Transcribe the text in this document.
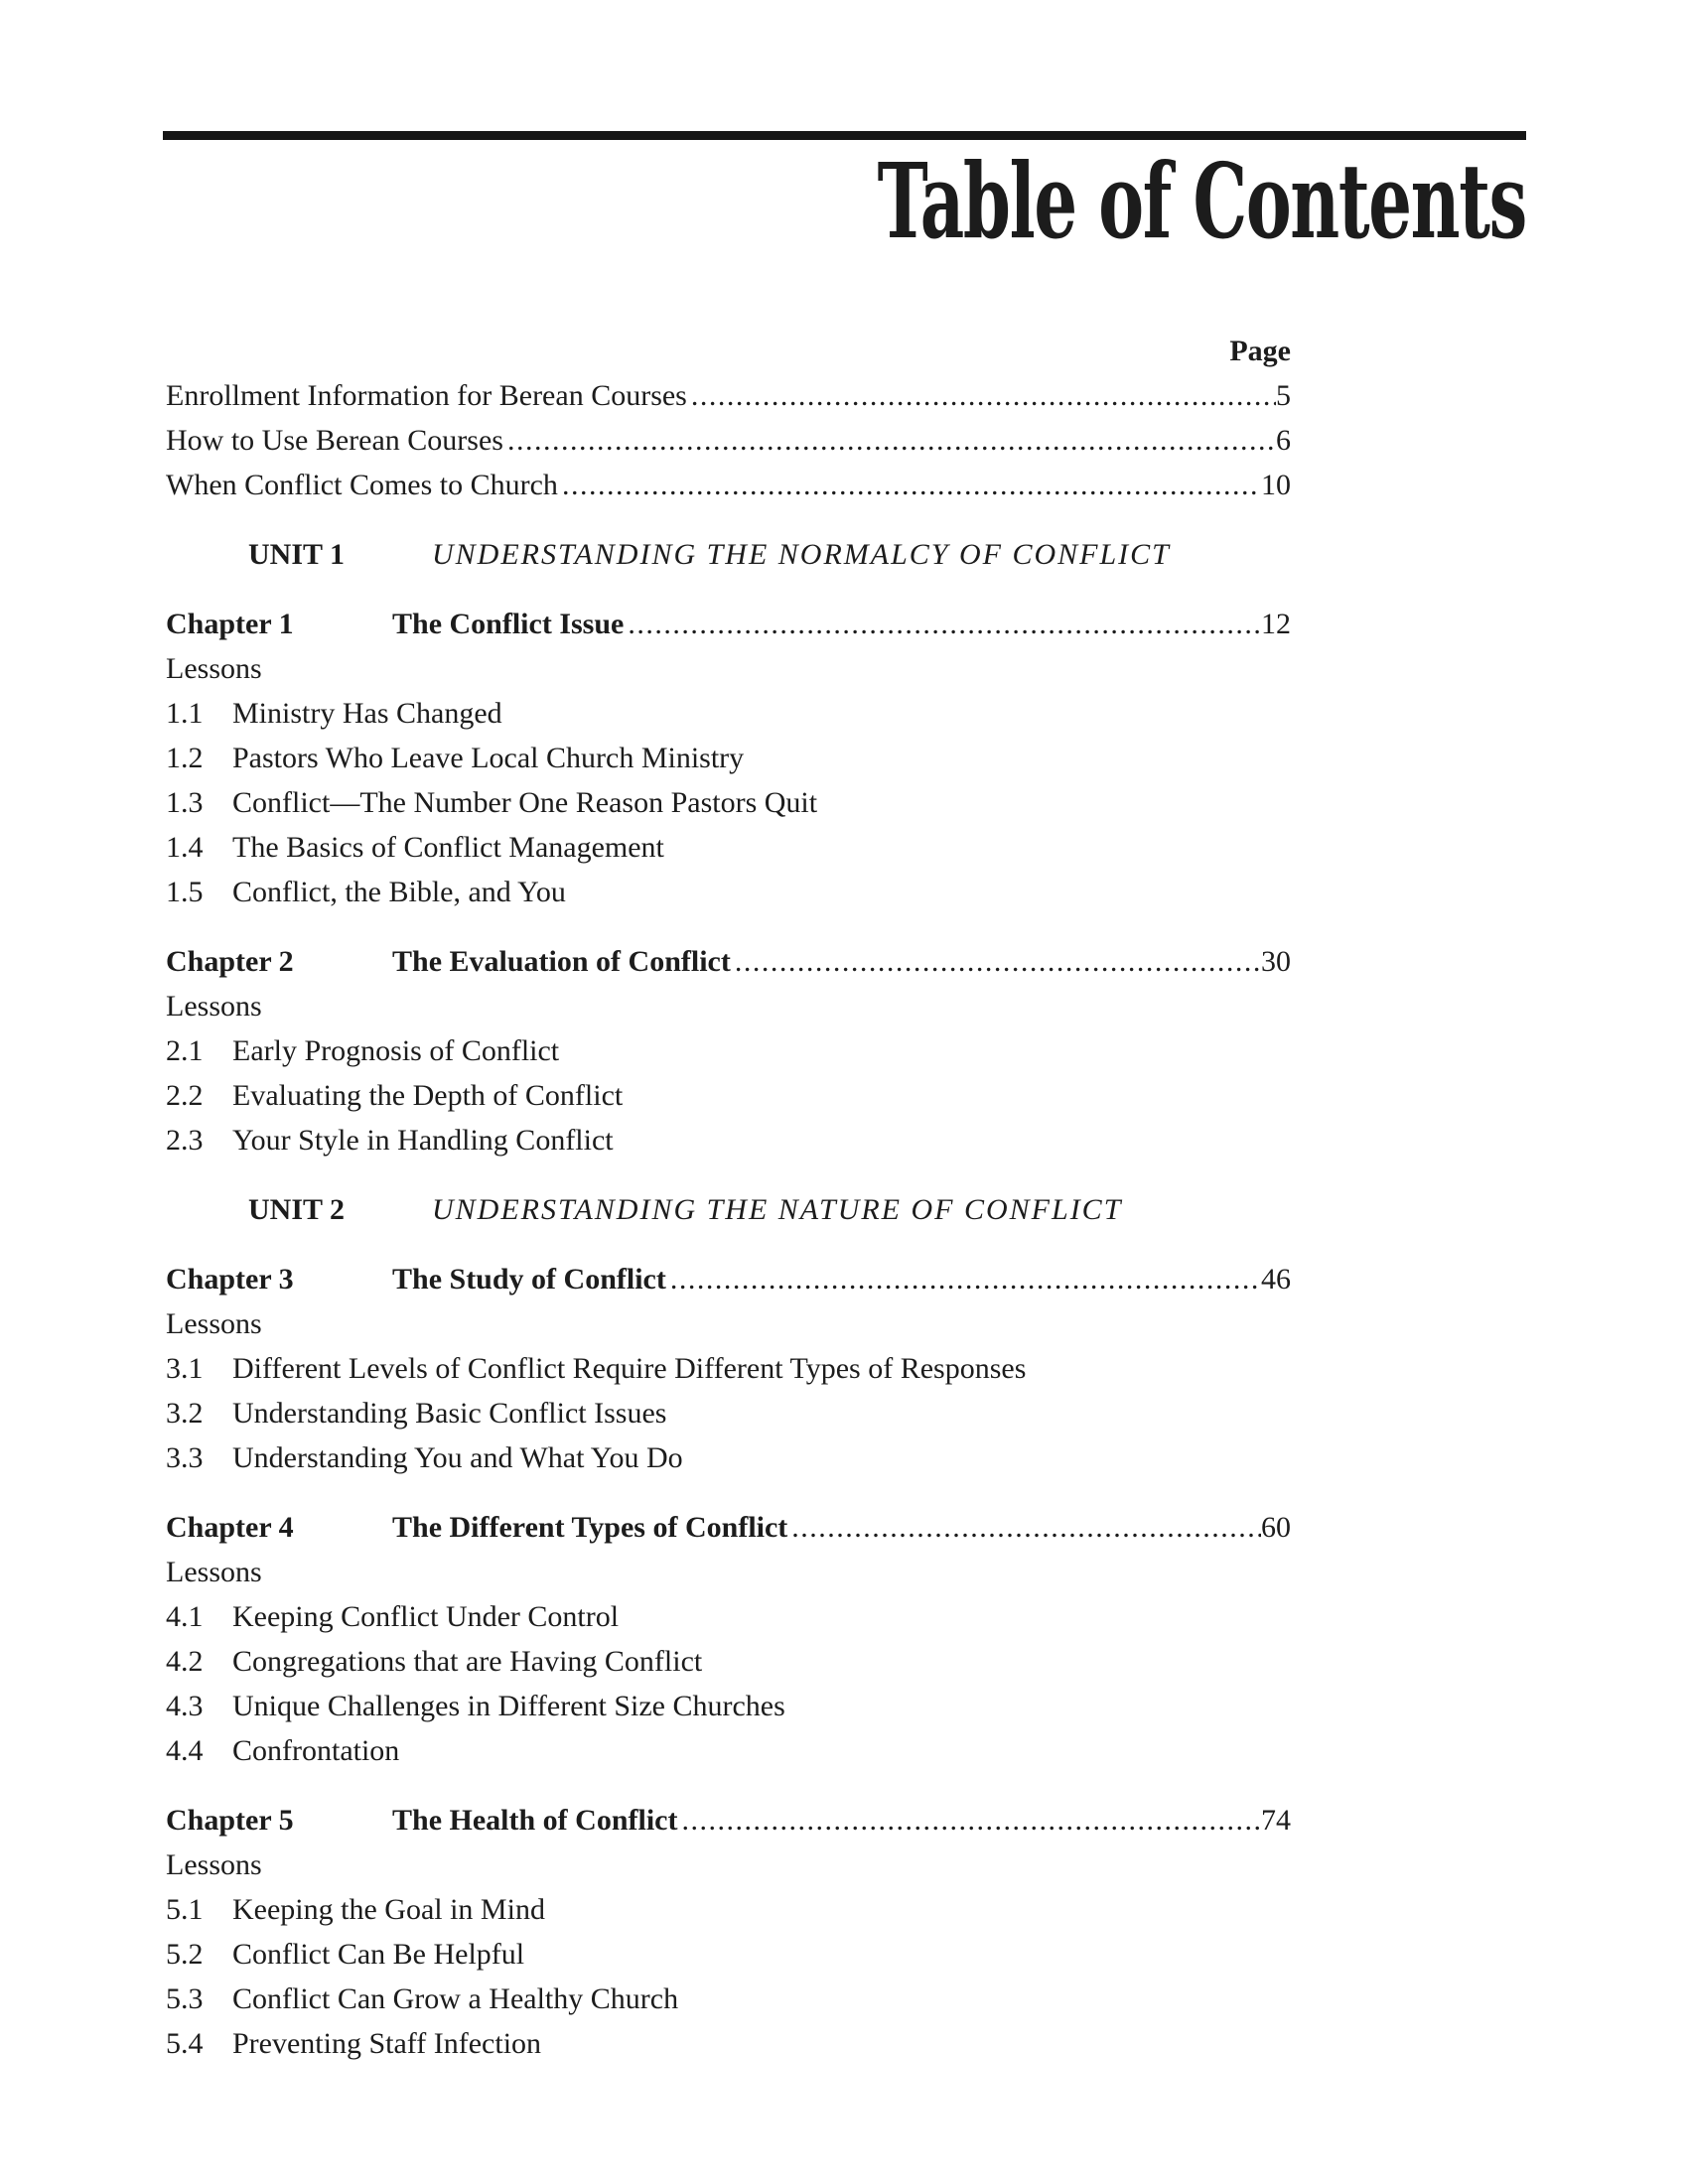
Table of Contents
Page
Enrollment Information for Berean Courses .....	5
How to Use Berean Courses .....	6
When Conflict Comes to Church .....	10
UNIT 1	UNDERSTANDING THE NORMALCY OF CONFLICT
Chapter 1	The Conflict Issue .....	12
Lessons
1.1 Ministry Has Changed
1.2 Pastors Who Leave Local Church Ministry
1.3 Conflict—The Number One Reason Pastors Quit
1.4 The Basics of Conflict Management
1.5 Conflict, the Bible, and You
Chapter 2	The Evaluation of Conflict .....	30
Lessons
2.1 Early Prognosis of Conflict
2.2 Evaluating the Depth of Conflict
2.3 Your Style in Handling Conflict
UNIT 2	UNDERSTANDING THE NATURE OF CONFLICT
Chapter 3	The Study of Conflict .....	46
Lessons
3.1 Different Levels of Conflict Require Different Types of Responses
3.2 Understanding Basic Conflict Issues
3.3 Understanding You and What You Do
Chapter 4	The Different Types of Conflict .....	60
Lessons
4.1 Keeping Conflict Under Control
4.2 Congregations that are Having Conflict
4.3 Unique Challenges in Different Size Churches
4.4 Confrontation
Chapter 5	The Health of Conflict .....	74
Lessons
5.1 Keeping the Goal in Mind
5.2 Conflict Can Be Helpful
5.3 Conflict Can Grow a Healthy Church
5.4 Preventing Staff Infection
